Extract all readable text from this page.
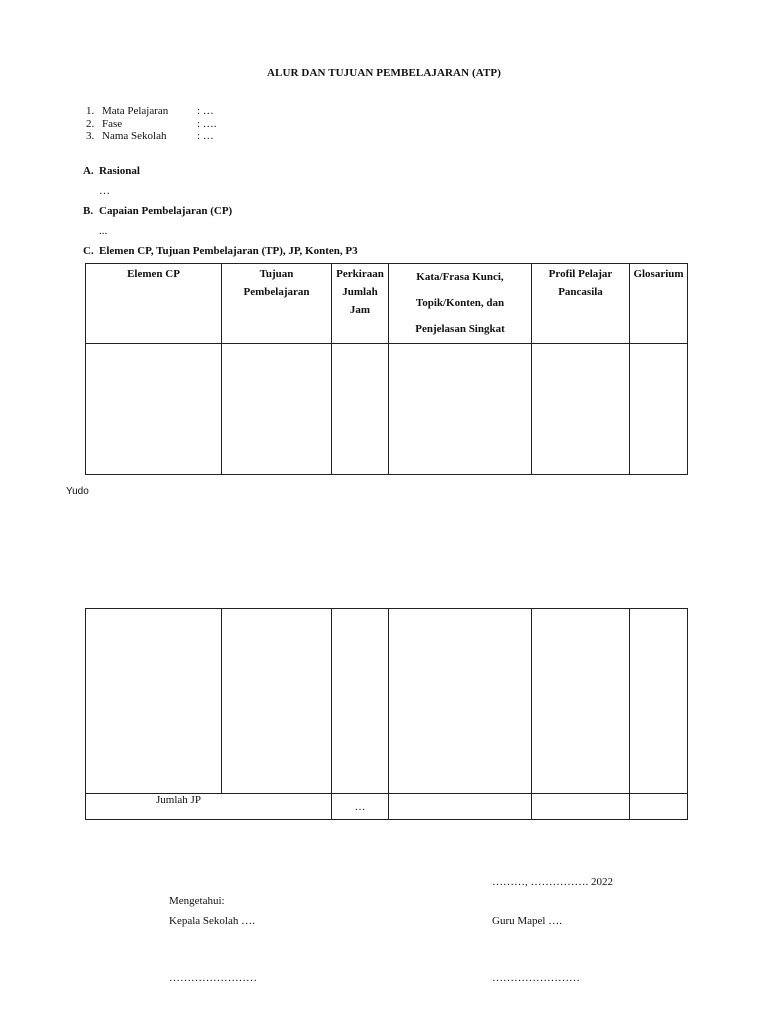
ALUR DAN TUJUAN PEMBELAJARAN (ATP)
1. Mata Pelajaran	: …
2. Fase	: ….
3. Nama Sekolah	: …
A. Rasional
…
B. Capaian Pembelajaran (CP)
...
C. Elemen CP, Tujuan Pembelajaran (TP), JP, Konten, P3
Elemen CP	Tujuan Pembelajaran	Perkiraan Jumlah Jam	Kata/Frasa Kunci, Topik/Konten, dan Penjelasan Singkat	Profil Pelajar Pancasila	Glosarium

Yudo

Jumlah JP		…			
………, ……………. 2022
Mengetahui:
Kepala Sekolah ….	Guru Mapel ….
……………………	……………………
